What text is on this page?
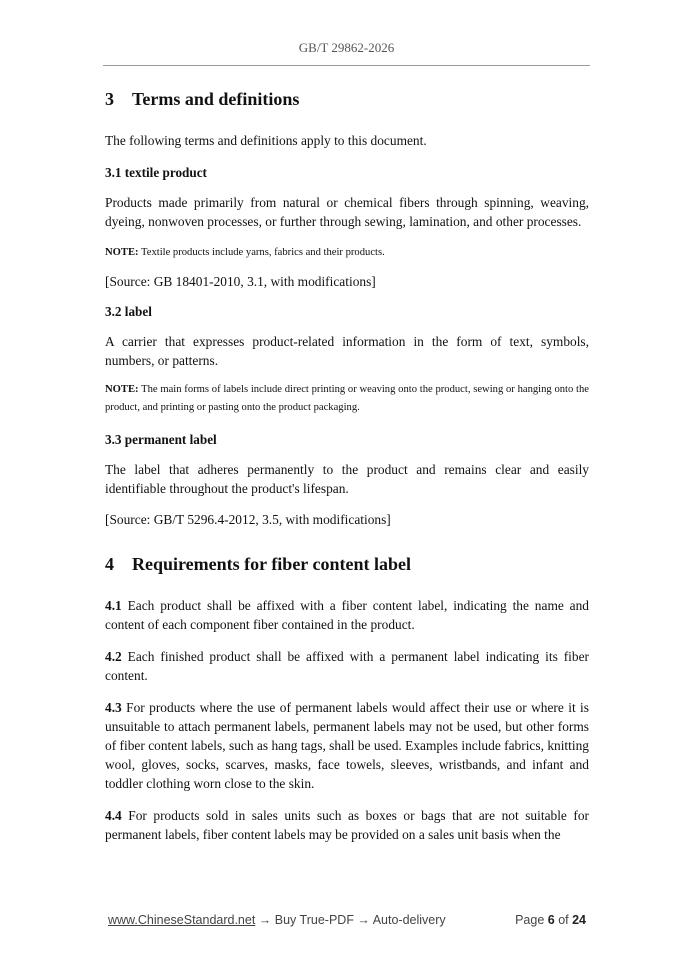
GB/T 29862-2026
3 Terms and definitions

The following terms and definitions apply to this document.

3.1 textile product

Products made primarily from natural or chemical fibers through spinning, weaving, dyeing, nonwoven processes, or further through sewing, lamination, and other processes.

NOTE: Textile products include yarns, fabrics and their products.

[Source: GB 18401-2010, 3.1, with modifications]

3.2 label

A carrier that expresses product-related information in the form of text, symbols, numbers, or patterns.

NOTE: The main forms of labels include direct printing or weaving onto the product, sewing or hanging onto the product, and printing or pasting onto the product packaging.

3.3 permanent label

The label that adheres permanently to the product and remains clear and easily identifiable throughout the product's lifespan.

[Source: GB/T 5296.4-2012, 3.5, with modifications]

4 Requirements for fiber content label

4.1 Each product shall be affixed with a fiber content label, indicating the name and content of each component fiber contained in the product.

4.2 Each finished product shall be affixed with a permanent label indicating its fiber content.

4.3 For products where the use of permanent labels would affect their use or where it is unsuitable to attach permanent labels, permanent labels may not be used, but other forms of fiber content labels, such as hang tags, shall be used. Examples include fabrics, knitting wool, gloves, socks, scarves, masks, face towels, sleeves, wristbands, and infant and toddler clothing worn close to the skin.

4.4 For products sold in sales units such as boxes or bags that are not suitable for permanent labels, fiber content labels may be provided on a sales unit basis when the

www.ChineseStandard.net → Buy True-PDF → Auto-delivery	Page 6 of 24
